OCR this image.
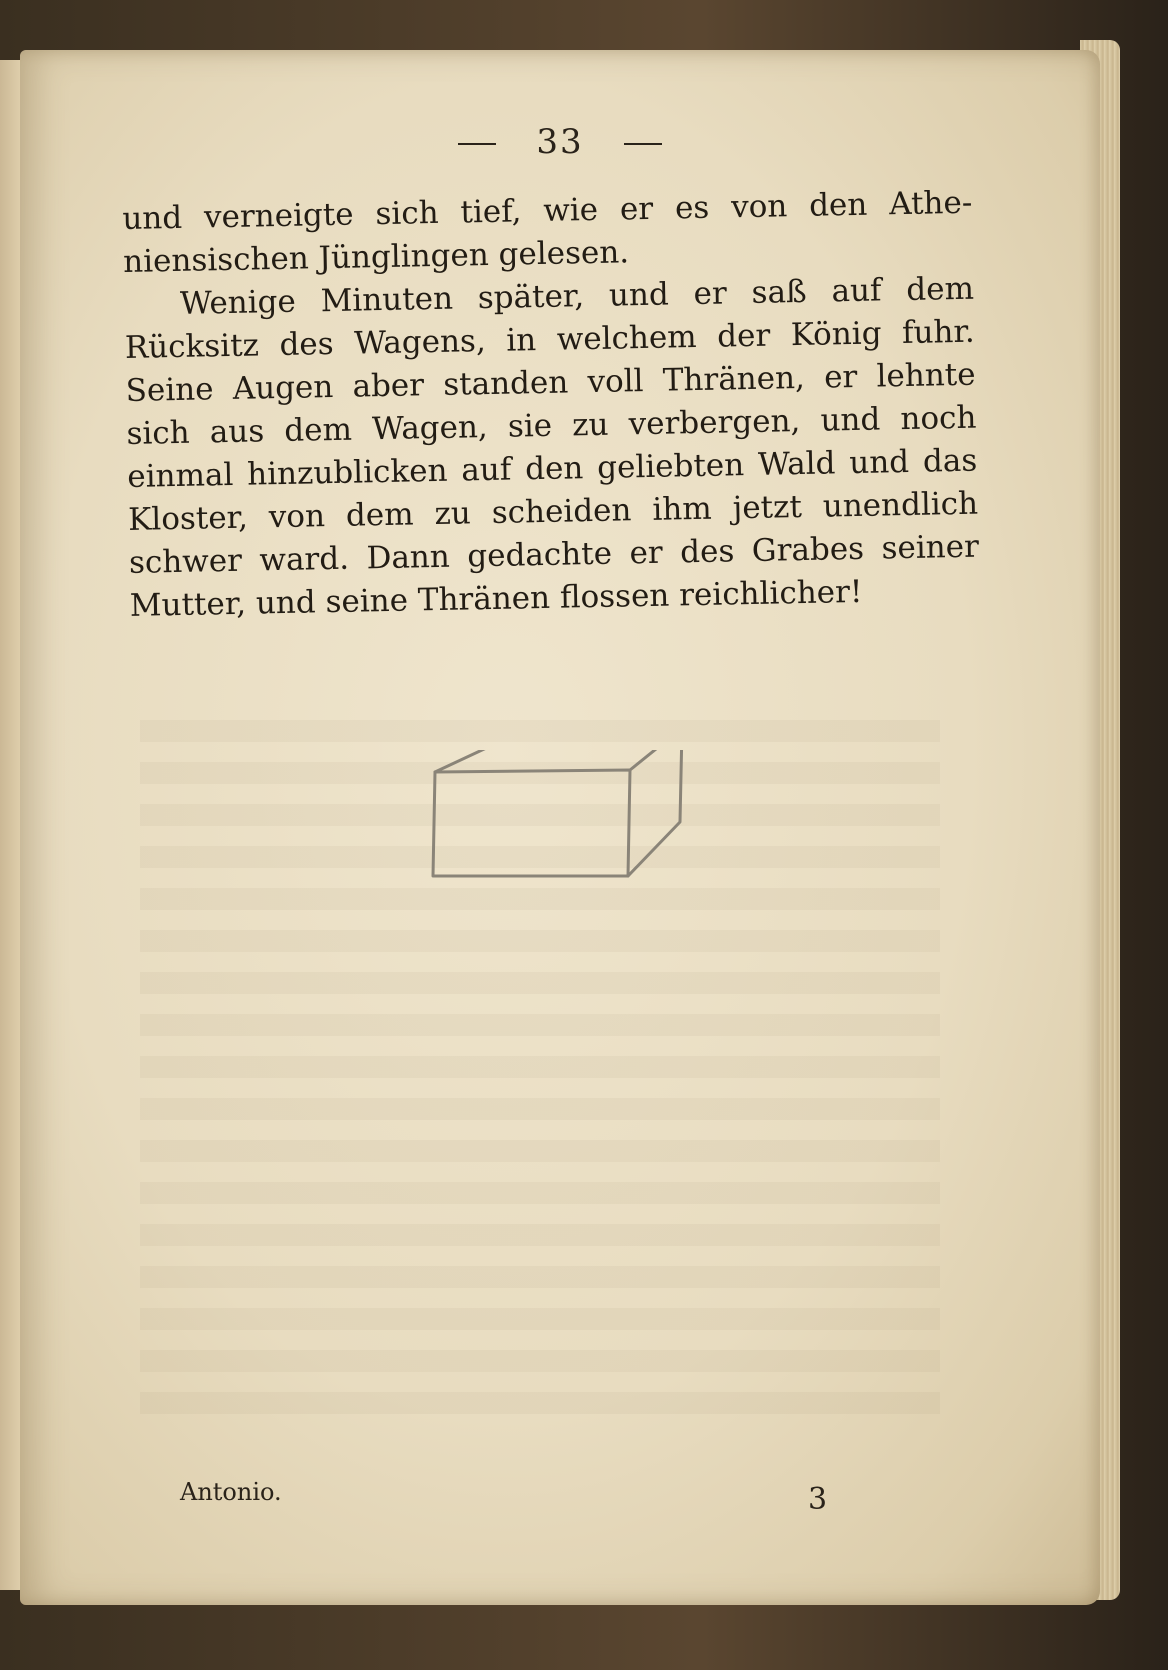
33

und verneigte sich tief, wie er es von den Athe-niensischen Jünglingen gelesen.

Wenige Minuten später, und er saß auf dem Rücksitz des Wagens, in welchem der König fuhr. Seine Augen aber standen voll Thränen, er lehnte sich aus dem Wagen, sie zu verbergen, und noch einmal hinzublicken auf den geliebten Wald und das Kloster, von dem zu scheiden ihm jetzt unendlich schwer ward. Dann gedachte er des Grabes seiner Mutter, und seine Thränen flossen reichlicher!

Antonio.	3
